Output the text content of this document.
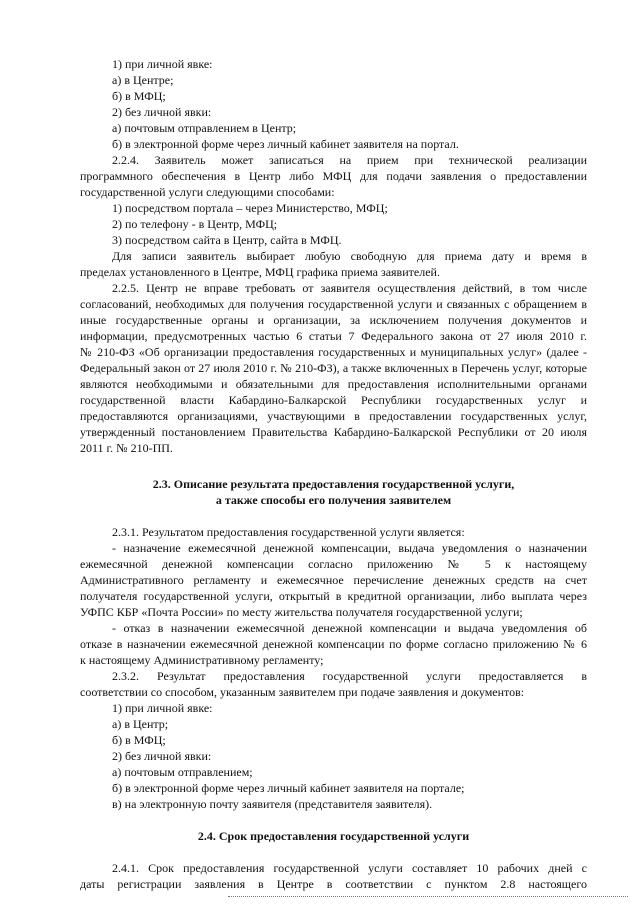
1) при личной явке:
а) в Центре;
б) в МФЦ;
2) без личной явки:
а) почтовым отправлением в Центр;
б) в электронной форме через личный кабинет заявителя на портал.
2.2.4. Заявитель может записаться на прием при технической реализации
программного обеспечения в Центр либо МФЦ для подачи заявления о предоставлении
государственной услуги следующими способами:
1) посредством портала – через Министерство, МФЦ;
2) по телефону - в Центр, МФЦ;
3) посредством сайта в Центр, сайта в МФЦ.
Для записи заявитель выбирает любую свободную для приема дату и время в
пределах установленного в Центре, МФЦ графика приема заявителей.
2.2.5. Центр не вправе требовать от заявителя осуществления действий, в том числе
согласований, необходимых для получения государственной услуги и связанных с обращением в
иные государственные органы и организации, за исключением получения документов и
информации, предусмотренных частью 6 статьи 7 Федерального закона от 27 июля 2010 г.
№ 210-ФЗ «Об организации предоставления государственных и муниципальных услуг» (далее -
Федеральный закон от 27 июля 2010 г. № 210-ФЗ), а также включенных в Перечень услуг, которые
являются необходимыми и обязательными для предоставления исполнительными органами
государственной власти Кабардино-Балкарской Республики государственных услуг и
предоставляются организациями, участвующими в предоставлении государственных услуг,
утвержденный постановлением Правительства Кабардино-Балкарской Республики от 20 июля
2011 г. № 210-ПП.
2.3. Описание результата предоставления государственной услуги,
а также способы его получения заявителем
2.3.1. Результатом предоставления государственной услуги является:
- назначение ежемесячной денежной компенсации, выдача уведомления о назначении
ежемесячной денежной компенсации согласно приложению № 5 к настоящему
Административного регламенту и ежемесячное перечисление денежных средств на счет
получателя государственной услуги, открытый в кредитной организации, либо выплата через
УФПС КБР «Почта России» по месту жительства получателя государственной услуги;
- отказ в назначении ежемесячной денежной компенсации и выдача уведомления об
отказе в назначении ежемесячной денежной компенсации по форме согласно приложению № 6
к настоящему Административному регламенту;
2.3.2. Результат предоставления государственной услуги предоставляется в
соответствии со способом, указанным заявителем при подаче заявления и документов:
1) при личной явке:
а) в Центр;
б) в МФЦ;
2) без личной явки:
а) почтовым отправлением;
б) в электронной форме через личный кабинет заявителя на портале;
в) на электронную почту заявителя (представителя заявителя).
2.4. Срок предоставления государственной услуги
2.4.1. Срок предоставления государственной услуги составляет 10 рабочих дней с
даты регистрации заявления в Центре в соответствии с пунктом 2.8 настоящего
